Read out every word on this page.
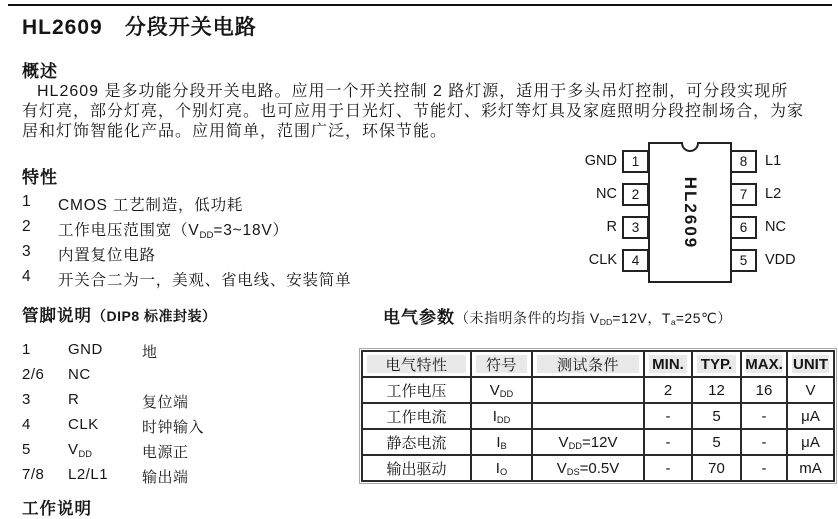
HL2609　分段开关电路
概述
HL2609 是多功能分段开关电路。应用一个开关控制 2 路灯源，适用于多头吊灯控制，可分段实现所
有灯亮，部分灯亮，个别灯亮。也可应用于日光灯、节能灯、彩灯等灯具及家庭照明分段控制场合，为家
居和灯饰智能化产品。应用简单，范围广泛，环保节能。
特性
1	CMOS 工艺制造，低功耗
2	工作电压范围宽$(V_{DD}=3\sim 18V)$
3	内置复位电路
4	开关合二为一，美观、省电线、安装简单
HL2609
GND
NC
R
CLK
1
2
3
4
8
7
6
5
L1
L2
NC
VDD
管脚说明（DIP8 标准封装）	电气参数（未指明条件的均指 $V_{DD}=12V$，$T_a=25℃$）
1	GND	地
2/6	NC
3	R	复位端
4	CLK	时钟输入
5	$V_{DD}$	电源正
7/8	L2/L1	输出端
电气特性	符号	测试条件	MIN.	TYP.	MAX.	UNIT
工作电压	$V_{DD}$		2	12	16	V
工作电流	$I_{DD}$		-	5	-	μA
静态电流	$I_B$	$V_{DD}=12V$	-	5	-	μA
输出驱动	$I_O$	$V_{DS}=0.5V$	-	70	-	mA
工作说明
